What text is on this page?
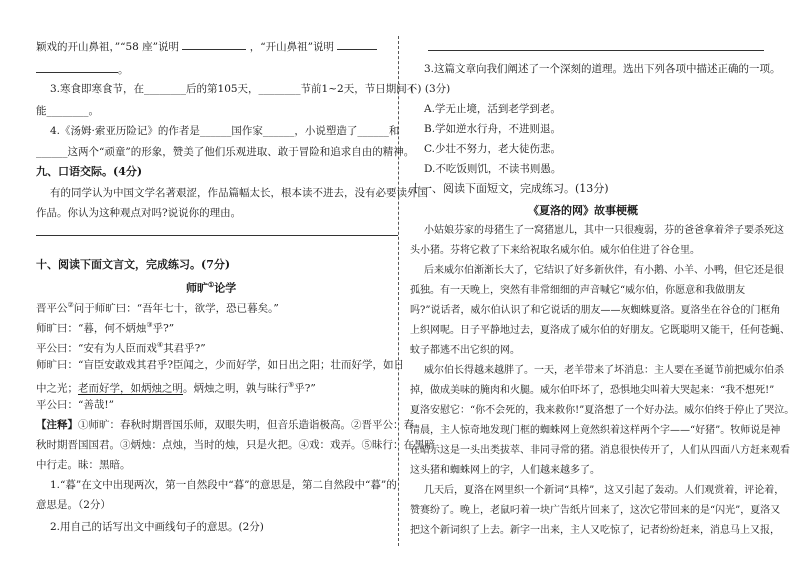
颖戏的开山鼻祖，”“58 座”说明	，“开山鼻祖”说明
。
3.寒食即寒食节，在________后的第105天，________节前1~2天，节日期间不
能________。
4.《汤姆·索亚历险记》的作者是______国作家______，小说塑造了______和
______这两个“顽童”的形象，赞美了他们乐观进取、敢于冒险和追求自由的精神。
九、口语交际。(4分)
有的同学认为中国文学名著艰涩，作品篇幅太长，根本读不进去，没有必要读外国
作品。你认为这种观点对吗?说说你的理由。
十、阅读下面文言文，完成练习。(7分)
师旷①论学
晋平公②问于师旷曰：“吾年七十，欲学，恐已暮矣。”
师旷曰：“暮，何不炳烛③乎?”
平公曰：“安有为人臣而戏④其君乎?”
师旷曰：“盲臣安敢戏其君乎?臣闻之，少而好学，如日出之阳；壮而好学，如日
中之光；老而好学，如炳烛之明。炳烛之明，孰与昧行⑤乎?”
平公曰：“善哉!”
【注释】①师旷：春秋时期晋国乐师，双眼失明，但音乐造诣极高。②晋平公：春
秋时期晋国国君。③炳烛：点烛，当时的烛，只是火把。④戏：戏弄。⑤昧行：在黑暗
中行走。昧：黑暗。
1.“暮”在文中出现两次，第一自然段中“暮”的意思是，第二自然段中“暮”的
意思是。（2分）
2.用自己的话写出文中画线句子的意思。(2分)
3.这篇文章向我们阐述了一个深刻的道理。选出下列各项中描述正确的一项。
( ) (3分)
A.学无止境，活到老学到老。
B.学如逆水行舟，不进则退。
C.少壮不努力，老大徒伤悲。
D.不吃饭则饥，不读书则愚。
十一、阅读下面短文，完成练习。(13分)
《夏洛的网》故事梗概
小姑娘芬家的母猪生了一窝猪崽儿，其中一只很瘦弱，芬的爸爸拿着斧子要杀死这
头小猪。芬将它救了下来给祝取名威尔伯。威尔伯住进了谷仓里。
后来威尔伯渐渐长大了，它结识了好多新伙伴，有小鹅、小羊、小鸭，但它还是很
孤独。有一天晚上，突然有非常细细的声音喊它“威尔伯，你愿意和我做朋友
吗?”说话者，威尔伯认识了和它说话的朋友——灰蜘蛛夏洛。夏洛坐在谷仓的门框角
上织网呢。日子平静地过去，夏洛成了威尔伯的好朋友。它既聪明又能干，任何苍蝇、
蚊子都逃不出它织的网。
威尔伯长得越来越胖了。一天，老羊带来了坏消息：主人要在圣诞节前把威尔伯杀
掉，做成美味的腌肉和火腿。威尔伯吓坏了，恐惧地尖叫着大哭起来：“我不想死!”
夏洛安慰它：“你不会死的，我来救你!”夏洛想了一个好办法。威尔伯终于停止了哭泣。
清晨，主人惊奇地发现门框的蜘蛛网上竟然织着这样两个字——“好猪”。牧师说是神
在暗示这是一头出类拔萃、非同寻常的猪。消息很快传开了，人们从四面八方赶来观看
这头猪和蜘蛛网上的字，人们越来越多了。
几天后，夏洛在网里织一个新词“具棒”，这又引起了轰动。人们观赏着，评论着，
赞赛纷了。晚上，老鼠叼着一块广告纸片回来了，这次它带回来的是“闪光”，夏洛又
把这个新词织了上去。新字一出来，主人又吃惊了，记者纷纷赶来，消息马上又报，
